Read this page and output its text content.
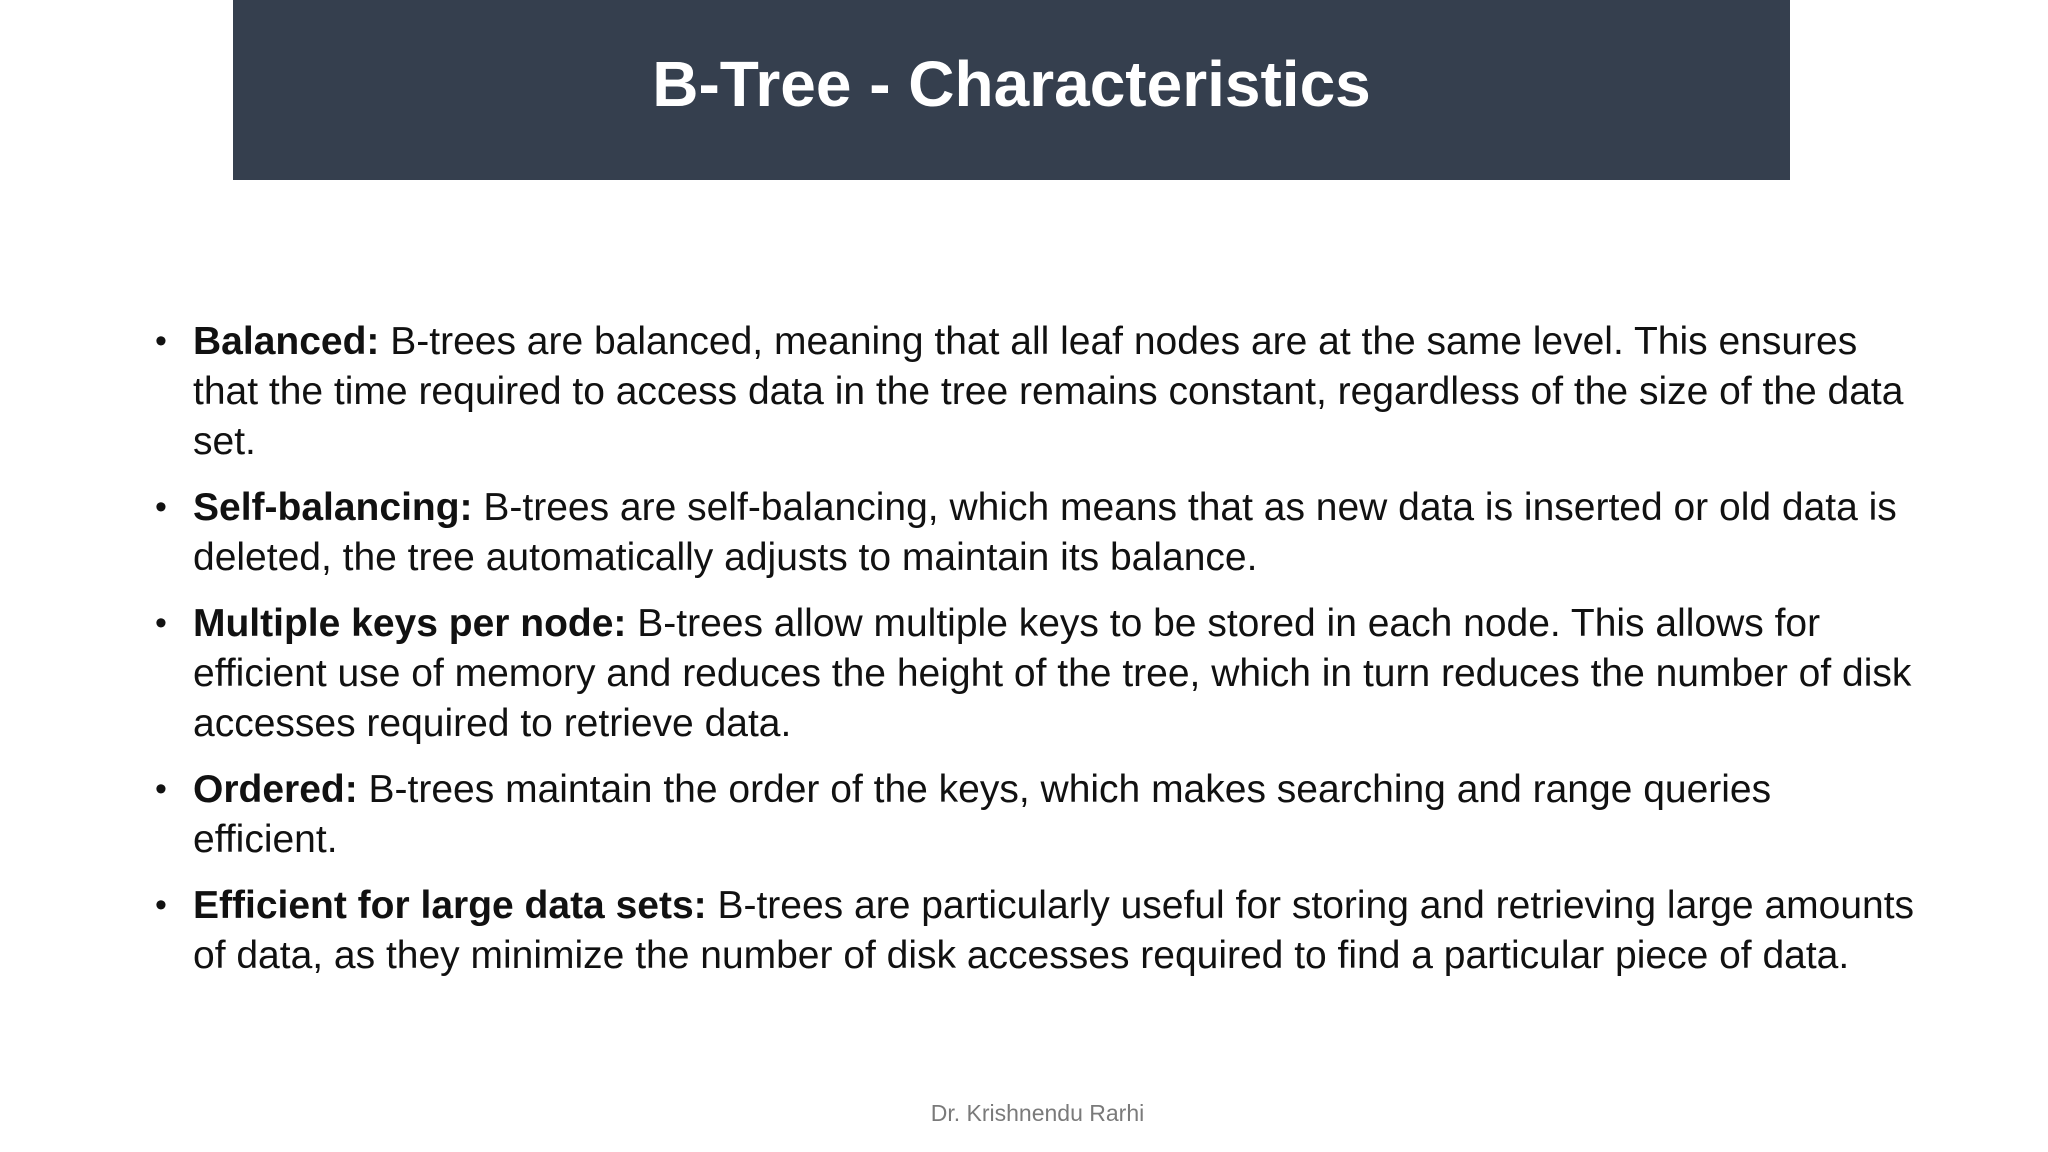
B-Tree - Characteristics
• Balanced: B-trees are balanced, meaning that all leaf nodes are at the same level. This ensures that the time required to access data in the tree remains constant, regardless of the size of the data set.
• Self-balancing: B-trees are self-balancing, which means that as new data is inserted or old data is deleted, the tree automatically adjusts to maintain its balance.
• Multiple keys per node: B-trees allow multiple keys to be stored in each node. This allows for efficient use of memory and reduces the height of the tree, which in turn reduces the number of disk accesses required to retrieve data.
• Ordered: B-trees maintain the order of the keys, which makes searching and range queries efficient.
• Efficient for large data sets: B-trees are particularly useful for storing and retrieving large amounts of data, as they minimize the number of disk accesses required to find a particular piece of data.
Dr. Krishnendu Rarhi
